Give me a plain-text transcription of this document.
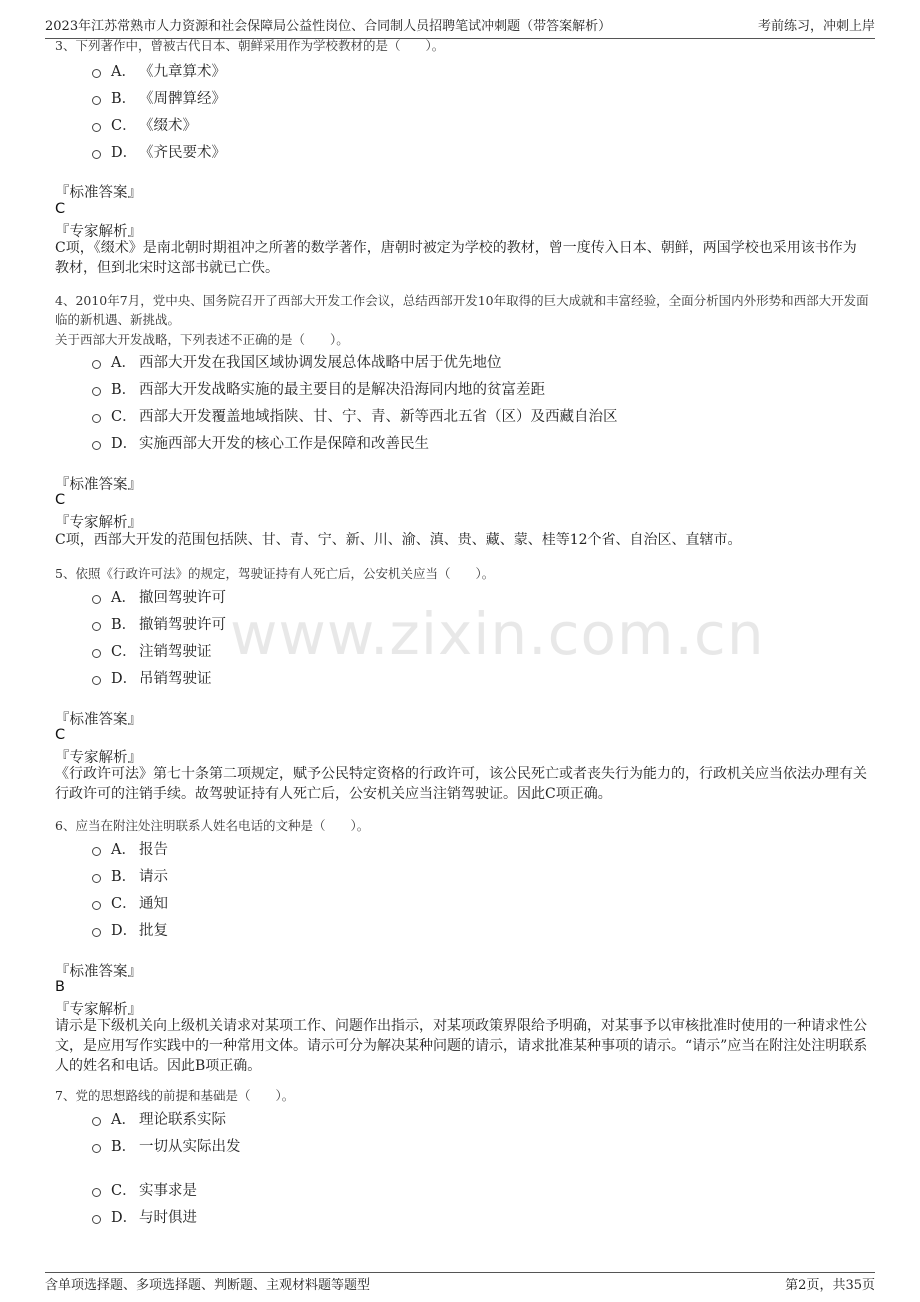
2023年江苏常熟市人力资源和社会保障局公益性岗位、合同制人员招聘笔试冲刺题（带答案解析）	考前练习，冲刺上岸
www.zixin.com.cn
3、下列著作中，曾被古代日本、朝鲜采用作为学校教材的是（　　）。
A． 《九章算术》
B． 《周髀算经》
C． 《缀术》
D． 《齐民要术》
『标准答案』
C
『专家解析』
C项，《缀术》是南北朝时期祖冲之所著的数学著作，唐朝时被定为学校的教材，曾一度传入日本、朝鲜，两国学校也采用该书作为教材，但到北宋时这部书就已亡佚。
4、2010年7月，党中央、国务院召开了西部大开发工作会议，总结西部开发10年取得的巨大成就和丰富经验，全面分析国内外形势和西部大开发面临的新机遇、新挑战。
关于西部大开发战略，下列表述不正确的是（　　）。
A． 西部大开发在我国区域协调发展总体战略中居于优先地位
B． 西部大开发战略实施的最主要目的是解决沿海同内地的贫富差距
C． 西部大开发覆盖地域指陕、甘、宁、青、新等西北五省（区）及西藏自治区
D． 实施西部大开发的核心工作是保障和改善民生
『标准答案』
C
『专家解析』
C项，西部大开发的范围包括陕、甘、青、宁、新、川、渝、滇、贵、藏、蒙、桂等12个省、自治区、直辖市。
5、依照《行政许可法》的规定，驾驶证持有人死亡后，公安机关应当（　　）。
A． 撤回驾驶许可
B． 撤销驾驶许可
C． 注销驾驶证
D． 吊销驾驶证
『标准答案』
C
『专家解析』
《行政许可法》第七十条第二项规定，赋予公民特定资格的行政许可，该公民死亡或者丧失行为能力的，行政机关应当依法办理有关行政许可的注销手续。故驾驶证持有人死亡后，公安机关应当注销驾驶证。因此C项正确。
6、应当在附注处注明联系人姓名电话的文种是（　　）。
A． 报告
B． 请示
C． 通知
D． 批复
『标准答案』
B
『专家解析』
请示是下级机关向上级机关请求对某项工作、问题作出指示，对某项政策界限给予明确，对某事予以审核批准时使用的一种请求性公文，是应用写作实践中的一种常用文体。请示可分为解决某种问题的请示，请求批准某种事项的请示。“请示”应当在附注处注明联系人的姓名和电话。因此B项正确。
7、党的思想路线的前提和基础是（　　）。
A． 理论联系实际
B． 一切从实际出发
C． 实事求是
D． 与时俱进
含单项选择题、多项选择题、判断题、主观材料题等题型	第2页，共35页
